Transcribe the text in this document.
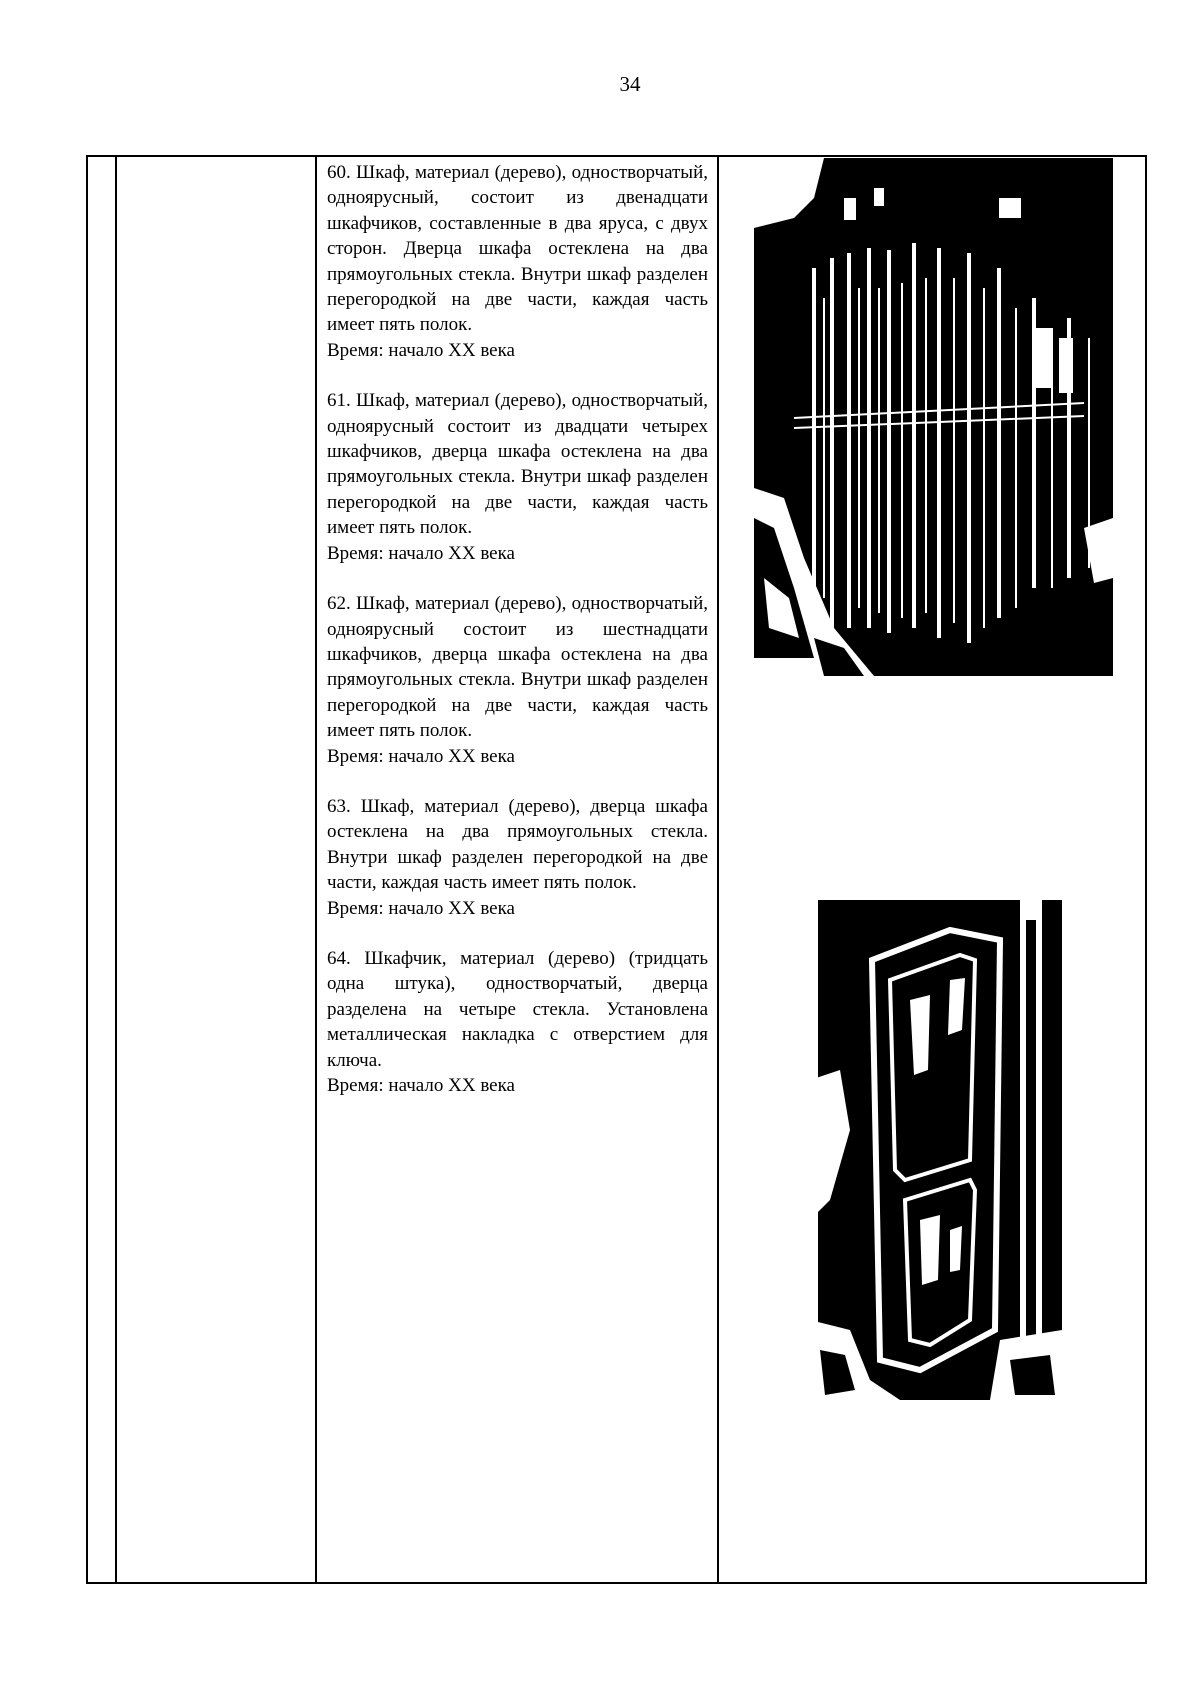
34
60. Шкаф, материал (дерево), одностворчатый, одноярусный, состоит из двенадцати шкафчиков, составленные в два яруса, с двух сторон. Дверца шкафа остеклена на два прямоугольных стекла. Внутри шкаф разделен перегородкой на две части, каждая часть имеет пять полок.
Время: начало XX века
61. Шкаф, материал (дерево), одностворчатый, одноярусный состоит из двадцати четырех шкафчиков, дверца шкафа остеклена на два прямоугольных стекла. Внутри шкаф разделен перегородкой на две части, каждая часть имеет пять полок.
Время: начало XX века
62. Шкаф, материал (дерево), одностворчатый, одноярусный состоит из шестнадцати шкафчиков, дверца шкафа остеклена на два прямоугольных стекла. Внутри шкаф разделен перегородкой на две части, каждая часть имеет пять полок.
Время: начало XX века
63. Шкаф, материал (дерево), дверца шкафа остеклена на два прямоугольных стекла. Внутри шкаф разделен перегородкой на две части, каждая часть имеет пять полок.
Время: начало XX века
64. Шкафчик, материал (дерево) (тридцать одна штука), одностворчатый, дверца разделена на четыре стекла. Установлена металлическая накладка с отверстием для ключа.
Время: начало XX века
